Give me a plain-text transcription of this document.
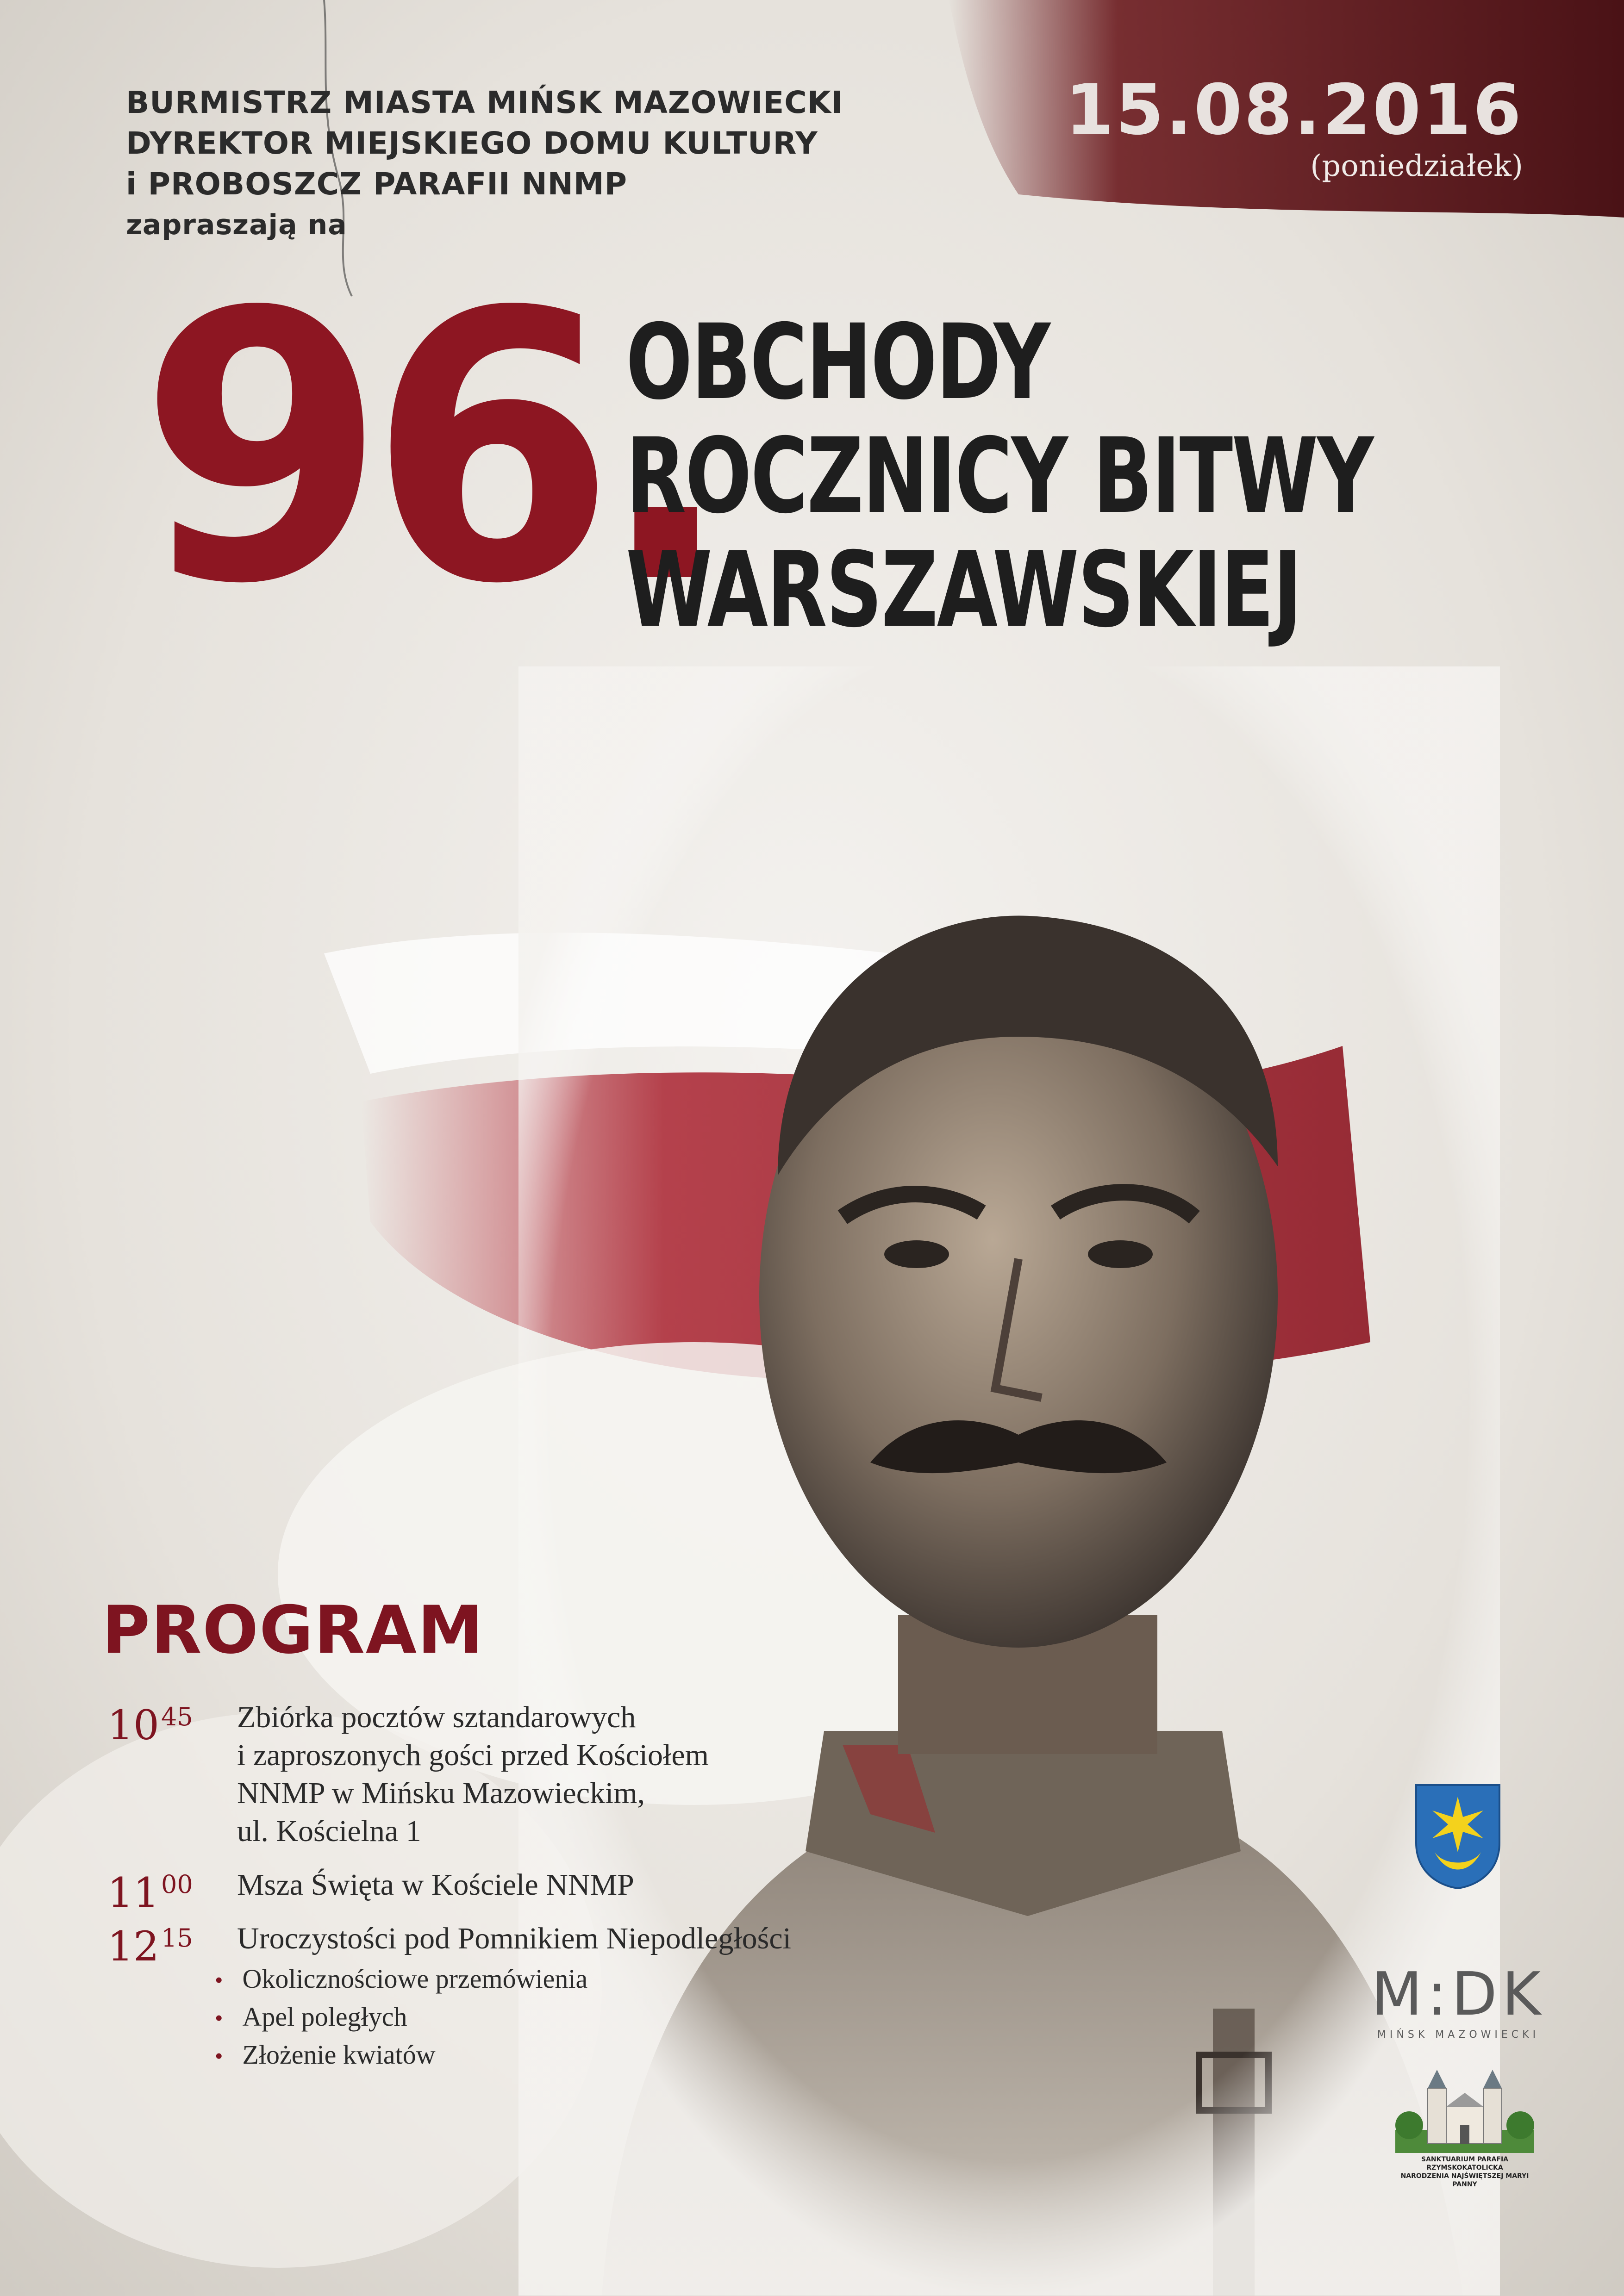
BURMISTRZ MIASTA MIŃSK MAZOWIECKI
DYREKTOR MIEJSKIEGO DOMU KULTURY
i PROBOSZCZ PARAFII NNMP
zapraszają na
15.08.2016
(poniedziałek)
96.
OBCHODY
ROCZNICY BITWY
WARSZAWSKIEJ
PROGRAM
$10^{45}$ Zbiórka pocztów sztandarowych
i zaproszonych gości przed Kościołem
NNMP w Mińsku Mazowieckim,
ul. Kościelna 1
$11^{00}$ Msza Święta w Kościele NNMP
$12^{15}$ Uroczystości pod Pomnikiem Niepodległości
• Okolicznościowe przemówienia
• Apel poległych
• Złożenie kwiatów
M:DK
MIŃSK MAZOWIECKI
SANKTUARIUM PARAFIA RZYMSKOKATOLICKA
NARODZENIA NAJŚWIĘTSZEJ MARYI PANNY
